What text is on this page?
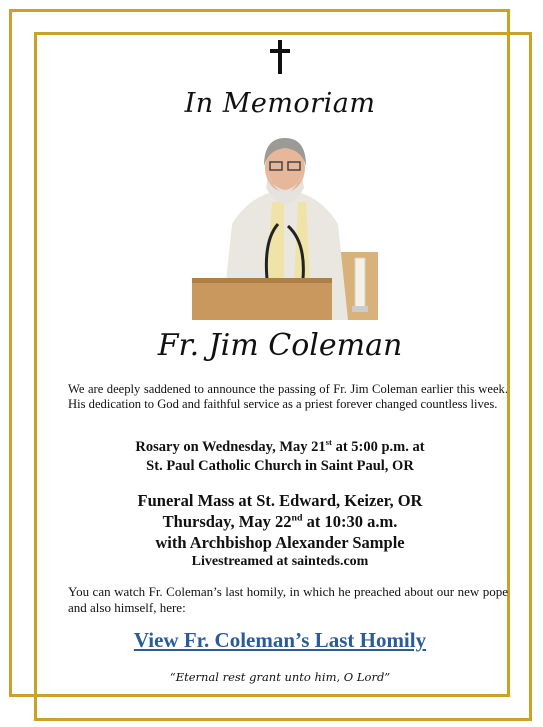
In Memoriam
Fr. Jim Coleman
We are deeply saddened to announce the passing of Fr. Jim Coleman earlier this week. His dedication to God and faithful service as a priest forever changed countless lives.
Rosary on Wednesday, May 21st at 5:00 p.m. at
St. Paul Catholic Church in Saint Paul, OR
Funeral Mass at St. Edward, Keizer, OR
Thursday, May 22nd at 10:30 a.m.
with Archbishop Alexander Sample
Livestreamed at sainteds.com
You can watch Fr. Coleman’s last homily, in which he preached about our new pope and also himself, here:
View Fr. Coleman’s Last Homily
“Eternal rest grant unto him, O Lord”
